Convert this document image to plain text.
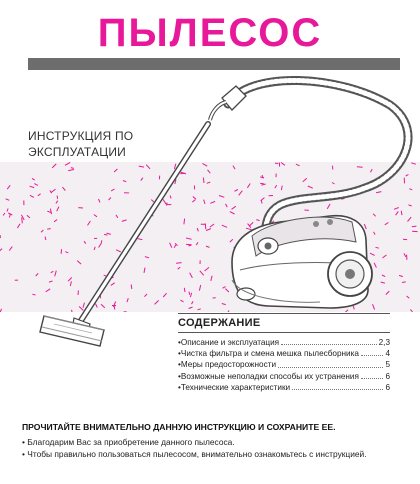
ПЫЛЕСОС
ИНСТРУКЦИЯ ПО
ЭКСПЛУАТАЦИИ
СОДЕРЖАНИЕ
•Описание и эксплуатация	2,3
•Чистка фильтра и смена мешка пылесборника	4
•Меры предосторожности	5
•Возможные неполадки способы их устранения	6
•Технические характеристики	6
ПРОЧИТАЙТЕ ВНИМАТЕЛЬНО ДАННУЮ ИНСТРУКЦИЮ И СОХРАНИТЕ ЕЕ.
• Благодарим Вас за приобретение данного пылесоса.
• Чтобы правильно пользоваться пылесосом, внимательно ознакомьтесь с инструкцией.
